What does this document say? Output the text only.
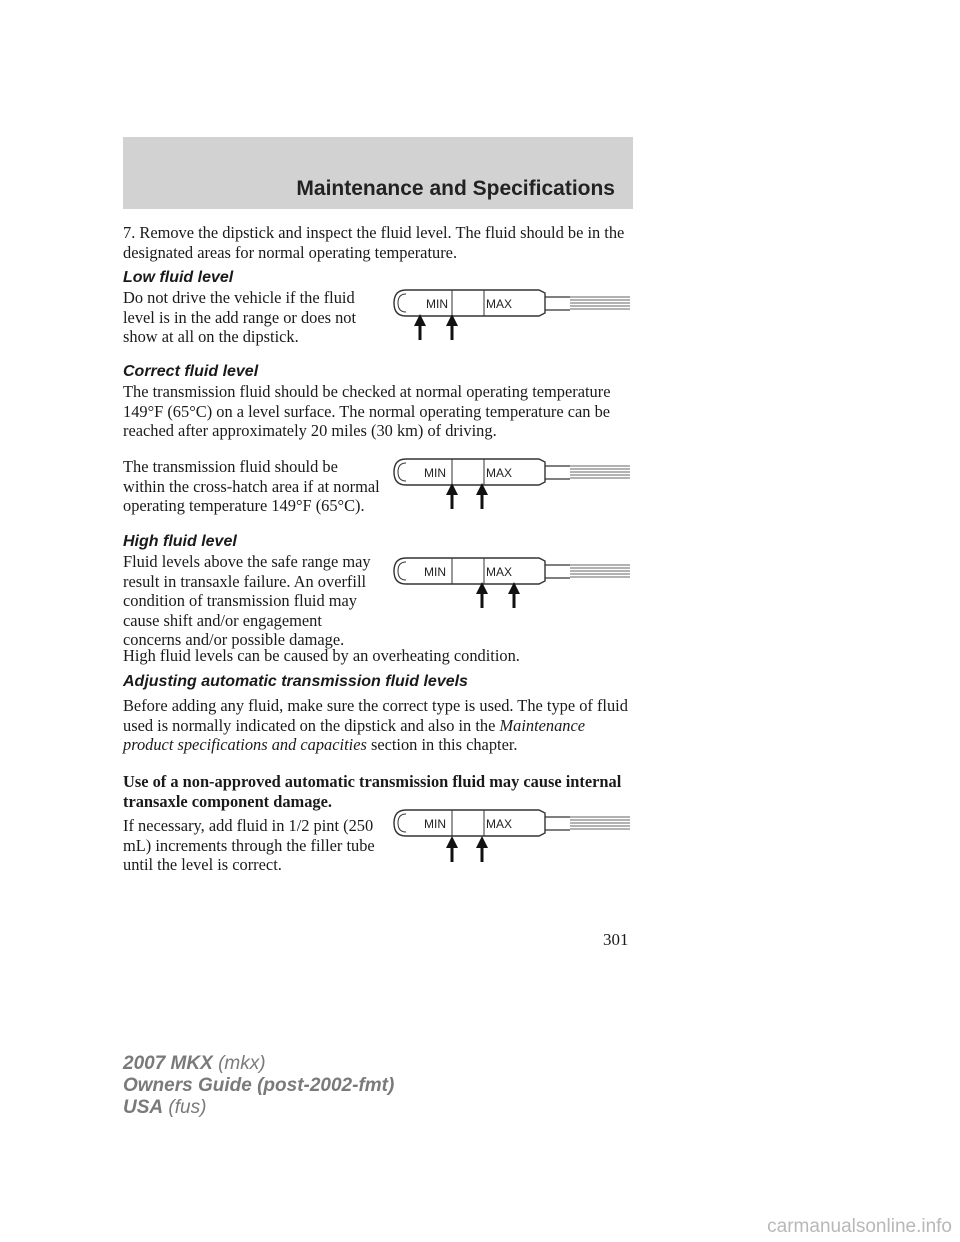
Maintenance and Specifications

7. Remove the dipstick and inspect the fluid level. The fluid should be in the designated areas for normal operating temperature.

Low fluid level

Do not drive the vehicle if the fluid level is in the add range or does not show at all on the dipstick.

MIN	MAX

Correct fluid level

The transmission fluid should be checked at normal operating temperature 149°F (65°C) on a level surface. The normal operating temperature can be reached after approximately 20 miles (30 km) of driving.

The transmission fluid should be within the cross-hatch area if at normal operating temperature 149°F (65°C).

MIN	MAX

High fluid level

Fluid levels above the safe range may result in transaxle failure. An overfill condition of transmission fluid may cause shift and/or engagement concerns and/or possible damage.

MIN	MAX

High fluid levels can be caused by an overheating condition.

Adjusting automatic transmission fluid levels

Before adding any fluid, make sure the correct type is used. The type of fluid used is normally indicated on the dipstick and also in the Maintenance product specifications and capacities section in this chapter.

Use of a non-approved automatic transmission fluid may cause internal transaxle component damage.

If necessary, add fluid in 1/2 pint (250 mL) increments through the filler tube until the level is correct.

MIN	MAX
301
2007 MKX (mkx)
Owners Guide (post-2002-fmt)
USA (fus)
carmanualsonline.info
